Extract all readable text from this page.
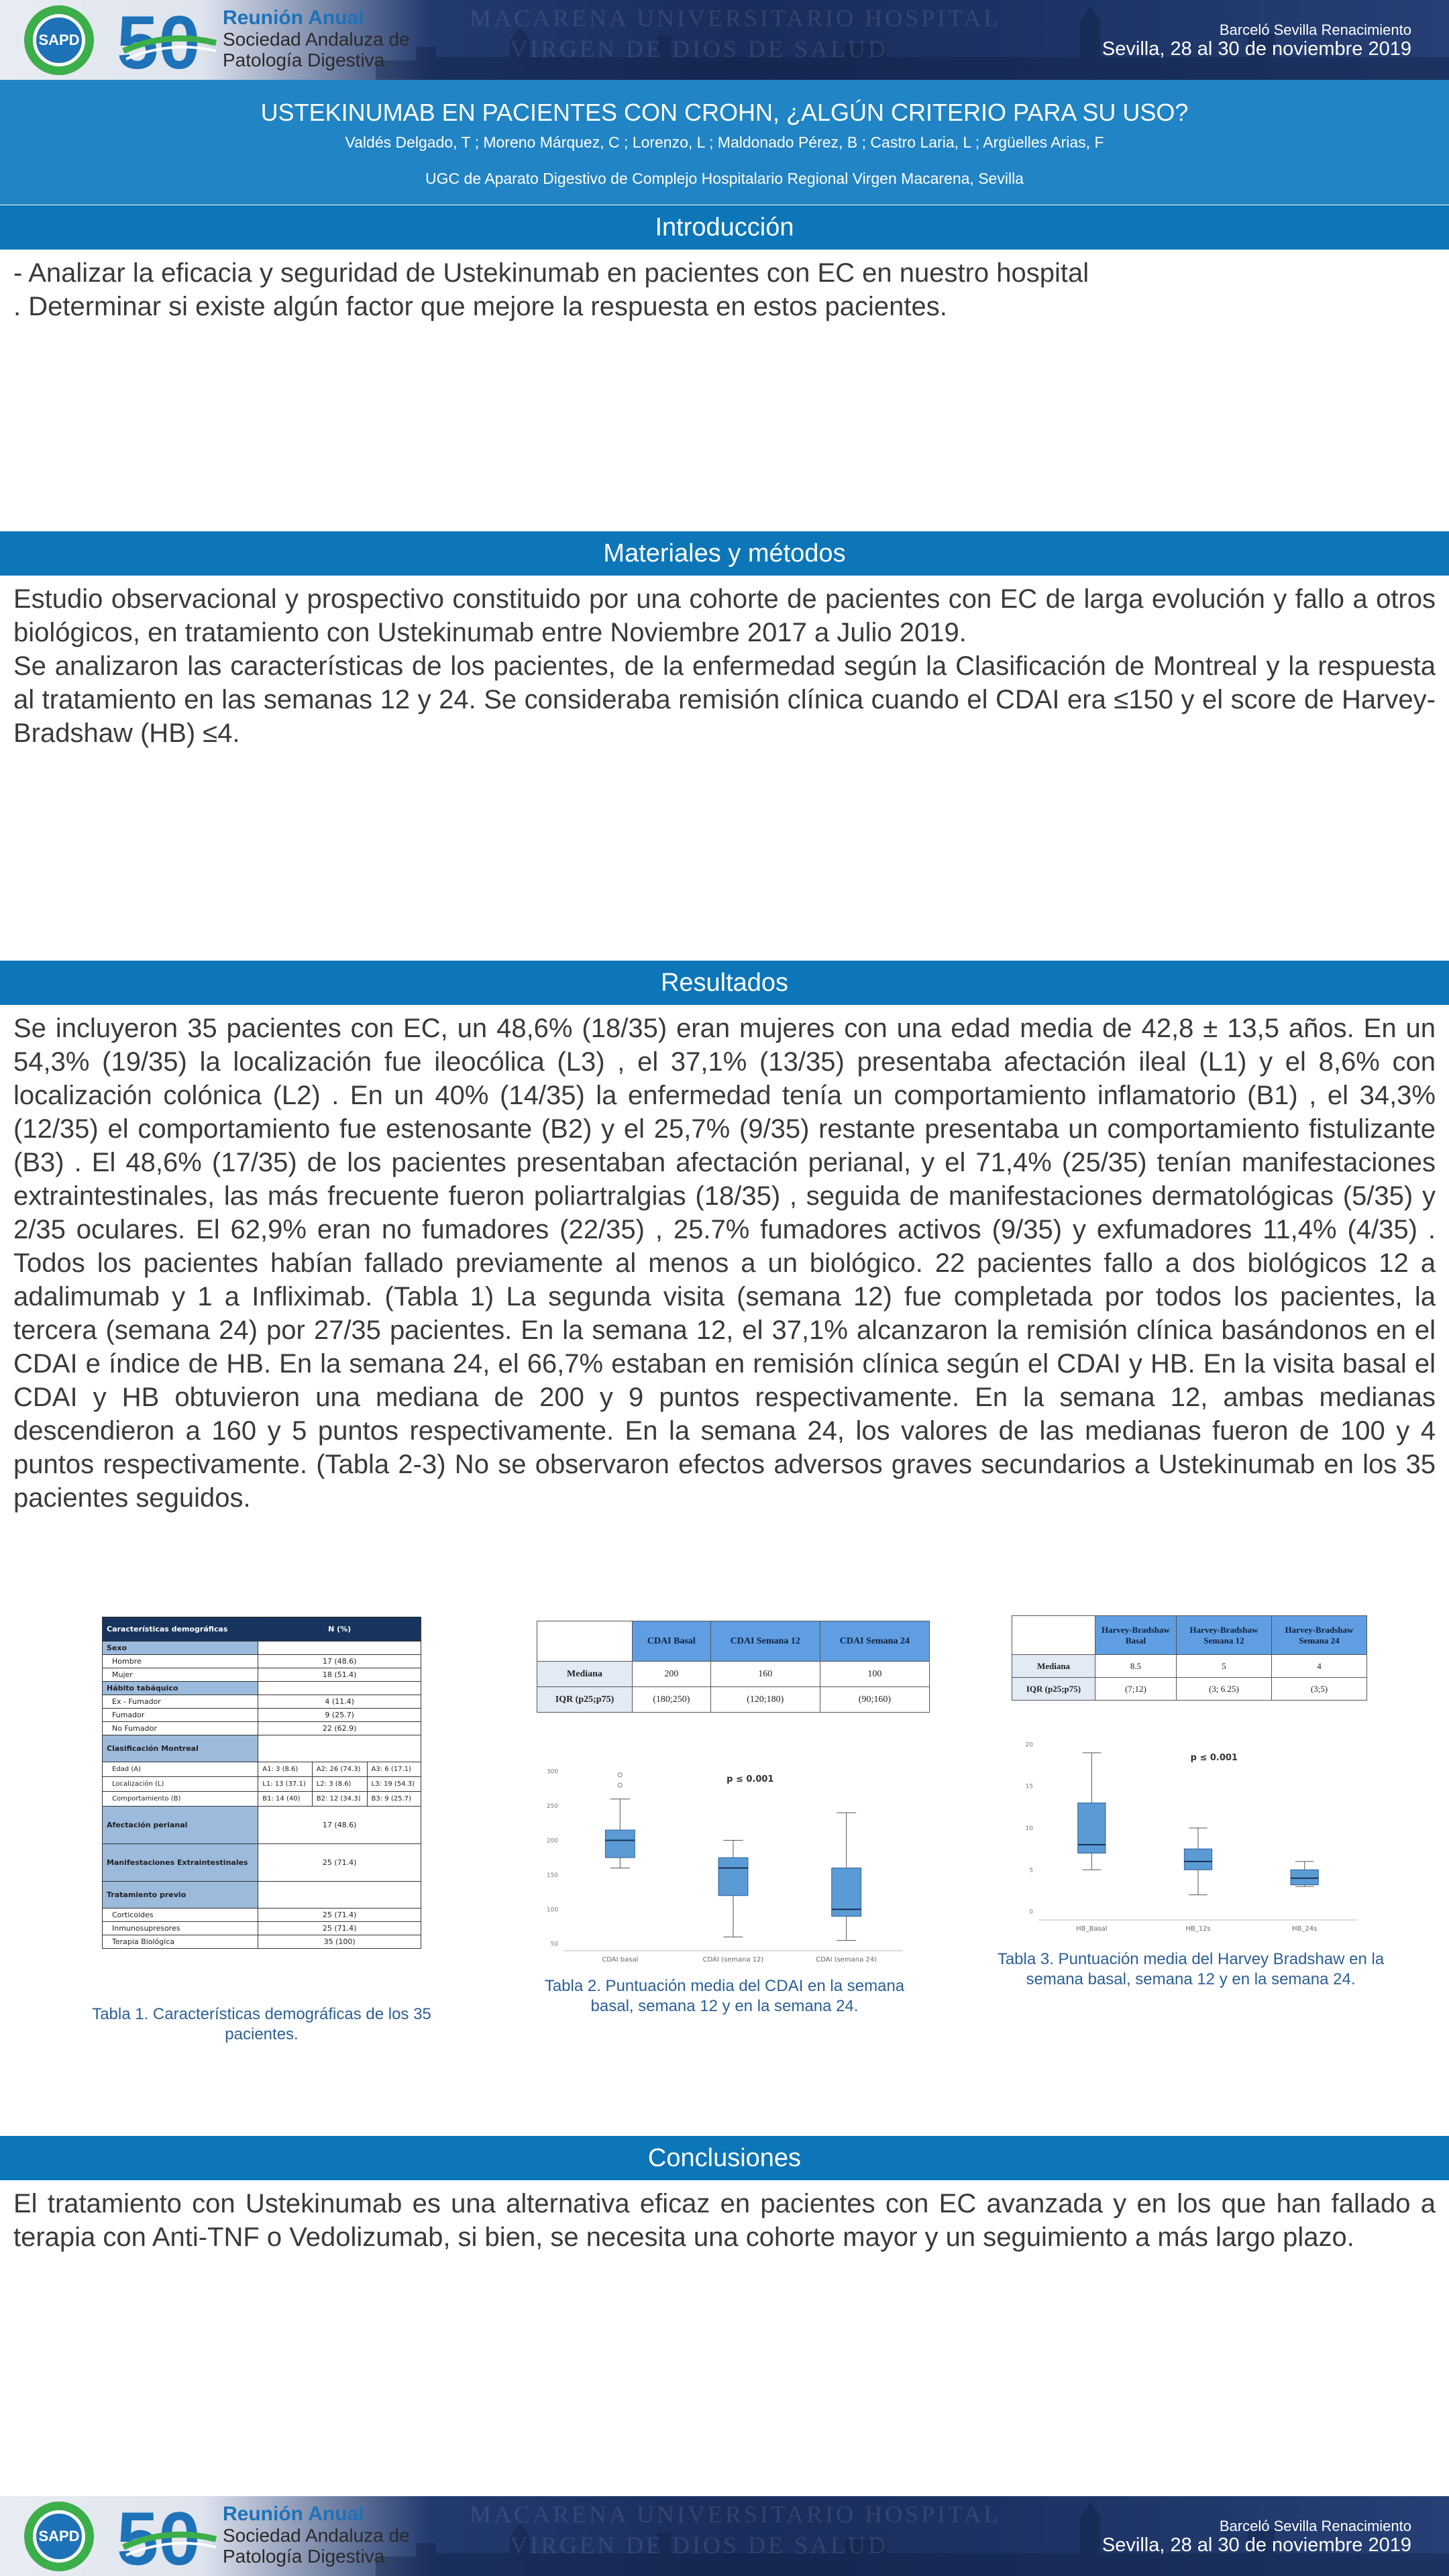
MACARENA UNIVERSITARIO HOSPITAL
VIRGEN DE DIOS DE SALUD
SAPD 50 Reunión Anual
Sociedad Andaluza de
Patología Digestiva
Barceló Sevilla Renacimiento
Sevilla, 28 al 30 de noviembre 2019
USTEKINUMAB EN PACIENTES CON CROHN, ¿ALGÚN CRITERIO PARA SU USO?
Valdés Delgado, T ; Moreno Márquez, C ; Lorenzo, L ; Maldonado Pérez, B ; Castro Laria, L ; Argüelles Arias, F
UGC de Aparato Digestivo de Complejo Hospitalario Regional Virgen Macarena, Sevilla
Introducción
- Analizar la eficacia y seguridad de Ustekinumab en pacientes con EC en nuestro hospital
. Determinar si existe algún factor que mejore la respuesta en estos pacientes.
Materiales y métodos

Estudio observacional y prospectivo constituido por una cohorte de pacientes con EC de larga evolución y fallo a otros biológicos, en tratamiento con Ustekinumab entre Noviembre 2017 a Julio 2019.

Se analizaron las características de los pacientes, de la enfermedad según la Clasificación de Montreal y la respuesta al tratamiento en las semanas 12 y 24. Se consideraba remisión clínica cuando el CDAI era ≤150 y el score de Harvey-Bradshaw (HB) ≤4.

Resultados
Se incluyeron 35 pacientes con EC, un 48,6% (18/35) eran mujeres con una edad media de 42,8 ± 13,5 años. En un 54,3% (19/35) la localización fue ileocólica (L3) , el 37,1% (13/35) presentaba afectación ileal (L1) y el 8,6% con localización colónica (L2) . En un 40% (14/35) la enfermedad tenía un comportamiento inflamatorio (B1) , el 34,3% (12/35) el comportamiento fue estenosante (B2) y el 25,7% (9/35) restante presentaba un comportamiento fistulizante (B3) . El 48,6% (17/35) de los pacientes presentaban afectación perianal, y el 71,4% (25/35) tenían manifestaciones extraintestinales, las más frecuente fueron poliartralgias (18/35) , seguida de manifestaciones dermatológicas (5/35) y 2/35 oculares. El 62,9% eran no fumadores (22/35) , 25.7% fumadores activos (9/35) y exfumadores 11,4% (4/35) . Todos los pacientes habían fallado previamente al menos a un biológico. 22 pacientes fallo a dos biológicos 12 a adalimumab y 1 a Infliximab. (Tabla 1) La segunda visita (semana 12) fue completada por todos los pacientes, la tercera (semana 24) por 27/35 pacientes. En la semana 12, el 37,1% alcanzaron la remisión clínica basándonos en el CDAI e índice de HB. En la semana 24, el 66,7% estaban en remisión clínica según el CDAI y HB. En la visita basal el CDAI y HB obtuvieron una mediana de 200 y 9 puntos respectivamente. En la semana 12, ambas medianas descendieron a 160 y 5 puntos respectivamente. En la semana 24, los valores de las medianas fueron de 100 y 4 puntos respectivamente. (Tabla 2-3) No se observaron efectos adversos graves secundarios a Ustekinumab en los 35 pacientes seguidos.
Características demográficas	N (%)		
Sexo			
Hombre	17 (48.6)		
Mujer	18 (51.4)		
Hábito tabáquico			
Ex - Fumador	4 (11.4)		
Fumador	9 (25.7)		
No Fumador	22 (62.9)		
Clasificación Montreal			
Edad (A)	A1: 3 (8.6)	A2: 26 (74.3)	A3: 6 (17.1)
Localización (L)	L1: 13 (37.1)	L2: 3 (8.6)	L3: 19 (54.3)
Comportamiento (B)	B1: 14 (40)	B2: 12 (34.3)	B3: 9 (25.7)
Afectación perianal	17 (48.6)		
Manifestaciones Extraintestinales	25 (71.4)		
Tratamiento previo			
Corticoides	25 (71.4)		
Inmunosupresores	25 (71.4)		
Terapia Biológica	35 (100)		
Tabla 1. Características demográficas de los 35 pacientes.
	CDAI Basal	CDAI Semana 12	CDAI Semana 24
Mediana	200	160	100
IQR (p25;p75)	(180;250)	(120;180)	(90;160)
50
100
150
200
250
300
CDAI basal	CDAI (semana 12)	CDAI (semana 24)
p ≤ 0.001
Tabla 2. Puntuación media del CDAI en la semana basal, semana 12 y en la semana 24.
	Harvey-Bradshaw Basal	Harvey-Bradshaw Semana 12	Harvey-Bradshaw Semana 24
Mediana	8.5	5	4
IQR (p25;p75)	(7;12)	(3; 6.25)	(3;5)
0
5
10
15
20
HB_Basal	HB_12s	HB_24s
p ≤ 0.001
Tabla 3. Puntuación media del Harvey Bradshaw en la semana basal, semana 12 y en la semana 24.
Conclusiones
El tratamiento con Ustekinumab es una alternativa eficaz en pacientes con EC avanzada y en los que han fallado a terapia con Anti-TNF o Vedolizumab, si bien, se necesita una cohorte mayor y un seguimiento a más largo plazo.
MACARENA UNIVERSITARIO HOSPITAL
VIRGEN DE DIOS DE SALUD
SAPD 50 Reunión Anual
Sociedad Andaluza de
Patología Digestiva
Barceló Sevilla Renacimiento
Sevilla, 28 al 30 de noviembre 2019
